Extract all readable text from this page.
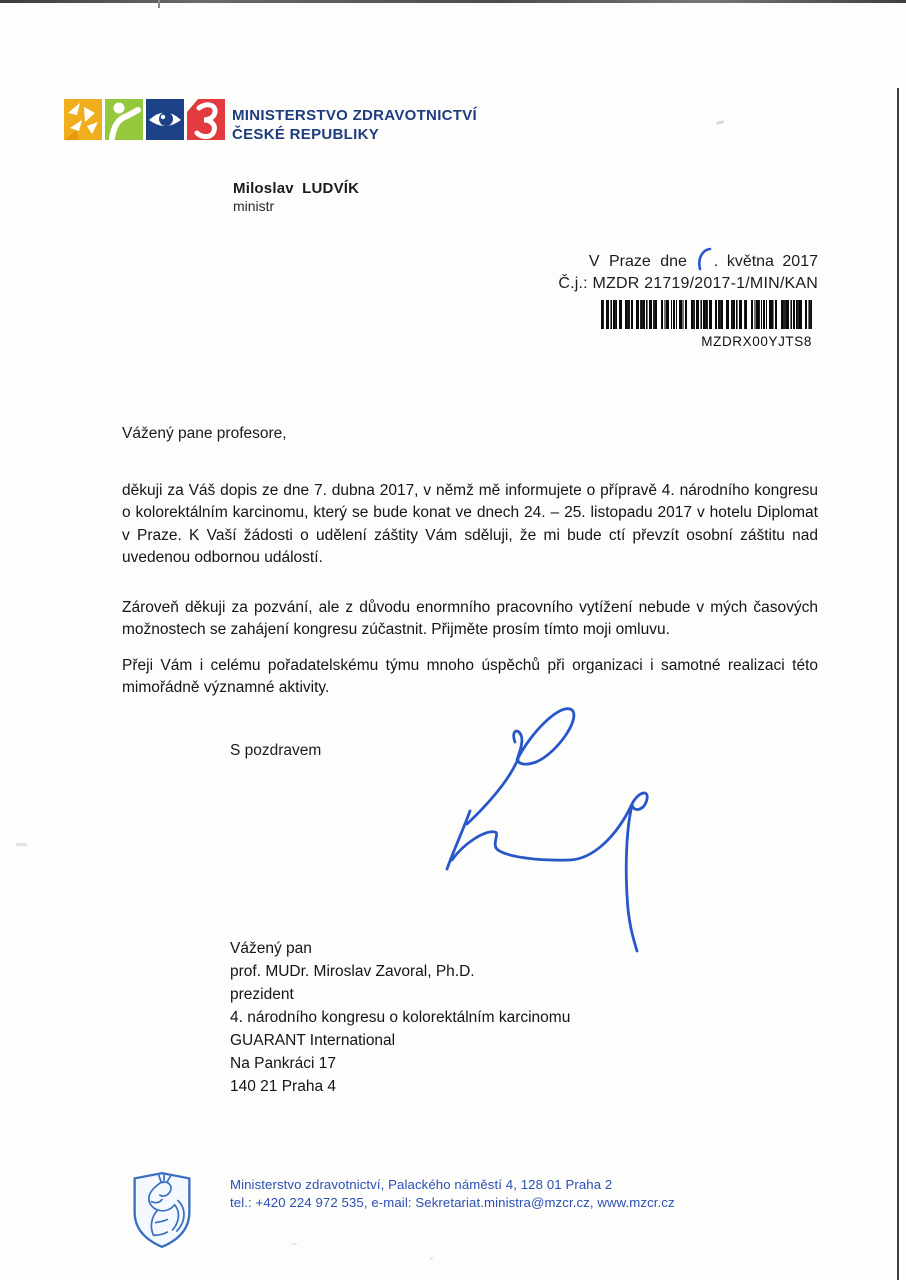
MINISTERSTVO ZDRAVOTNICTVÍ
ČESKÉ REPUBLIKY
Miloslav LUDVÍK
ministr
V Praze dne . května 2017
Č.j.: MZDR 21719/2017-1/MIN/KAN
MZDRX00YJTS8
Vážený pane profesore,

děkuji za Váš dopis ze dne 7. dubna 2017, v němž mě informujete o přípravě 4. národního kongresu o kolorektálním karcinomu, který se bude konat ve dnech 24. – 25. listopadu 2017 v hotelu Diplomat v Praze. K Vaší žádosti o udělení záštity Vám sděluji, že mi bude ctí převzít osobní záštitu nad uvedenou odbornou událostí.

Zároveň děkuji za pozvání, ale z důvodu enormního pracovního vytížení nebude v mých časových možnostech se zahájení kongresu zúčastnit. Přijměte prosím tímto moji omluvu.

Přeji Vám i celému pořadatelskému týmu mnoho úspěchů při organizaci i samotné realizaci této mimořádně významné aktivity.

S pozdravem
Vážený pan
prof. MUDr. Miroslav Zavoral, Ph.D.
prezident
4. národního kongresu o kolorektálním karcinomu
GUARANT International
Na Pankráci 17
140 21 Praha 4
Ministerstvo zdravotnictví, Palackého náměstí 4, 128 01 Praha 2
tel.: +420 224 972 535, e-mail: Sekretariat.ministra@mzcr.cz, www.mzcr.cz
